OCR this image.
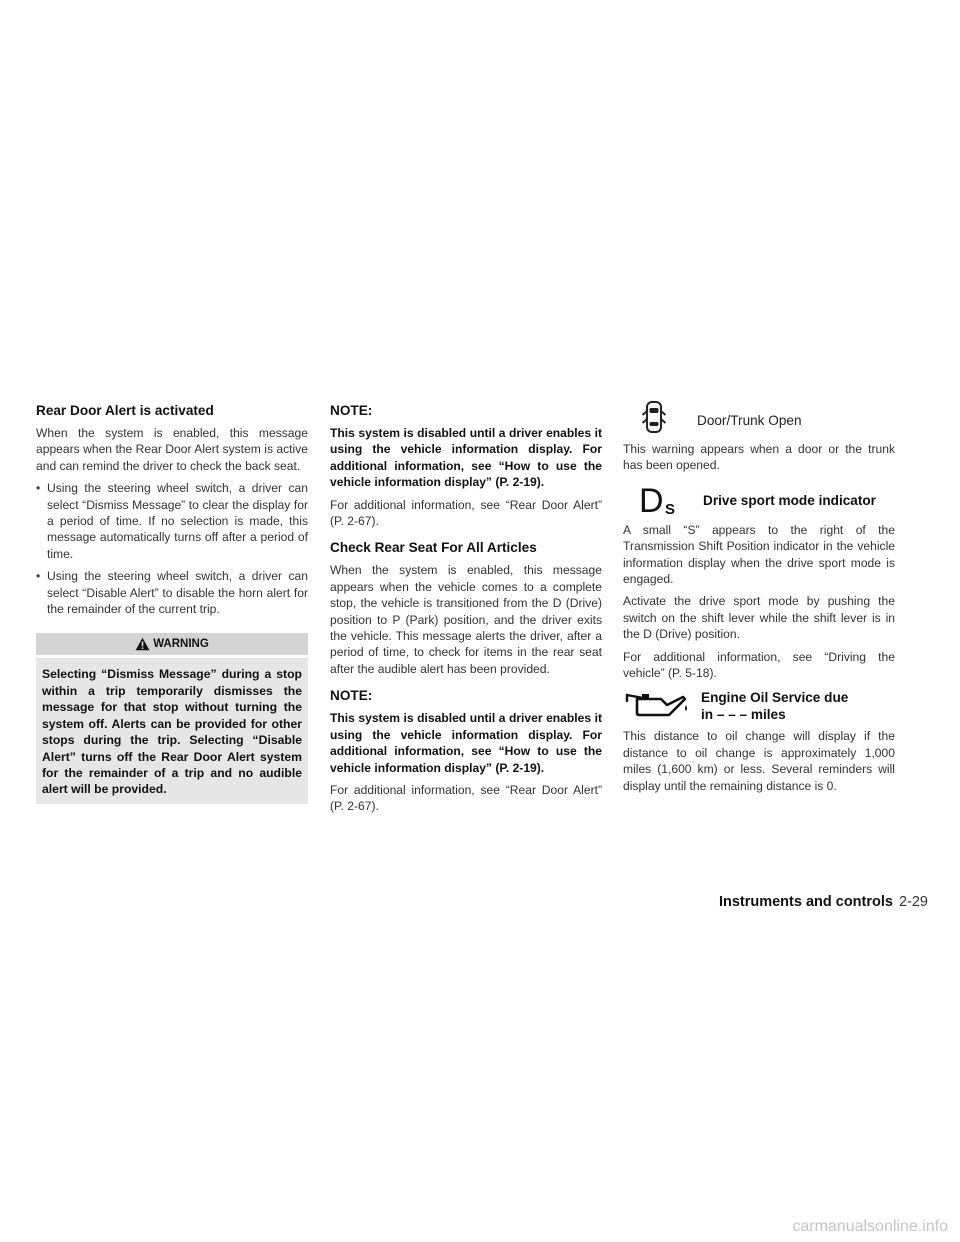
Rear Door Alert is activated

When the system is enabled, this message appears when the Rear Door Alert system is active and can remind the driver to check the back seat.

• Using the steering wheel switch, a driver can select “Dismiss Message” to clear the display for a period of time. If no selection is made, this message automatically turns off after a period of time.
• Using the steering wheel switch, a driver can select “Disable Alert” to disable the horn alert for the remainder of the current trip.
WARNING
Selecting “Dismiss Message” during a stop within a trip temporarily dismisses the message for that stop without turning the system off. Alerts can be provided for other stops during the trip. Selecting “Disable Alert” turns off the Rear Door Alert system for the remainder of a trip and no audible alert will be provided.
NOTE:

This system is disabled until a driver enables it using the vehicle information display. For additional information, see “How to use the vehicle information display” (P. 2-19).

For additional information, see “Rear Door Alert” (P. 2-67).

Check Rear Seat For All Articles

When the system is enabled, this message appears when the vehicle comes to a complete stop, the vehicle is transitioned from the D (Drive) position to P (Park) position, and the driver exits the vehicle. This message alerts the driver, after a period of time, to check for items in the rear seat after the audible alert has been provided.

NOTE:

This system is disabled until a driver enables it using the vehicle information display. For additional information, see “How to use the vehicle information display” (P. 2-19).

For additional information, see “Rear Door Alert” (P. 2-67).

Door/Trunk Open

This warning appears when a door or the trunk has been opened.

D S
Drive sport mode indicator

A small “S” appears to the right of the Transmission Shift Position indicator in the vehicle information display when the drive sport mode is engaged.

Activate the drive sport mode by pushing the switch on the shift lever while the shift lever is in the D (Drive) position.

For additional information, see “Driving the vehicle” (P. 5-18).

Engine Oil Service due in – – – miles

This distance to oil change will display if the distance to oil change is approximately 1,000 miles (1,600 km) or less. Several reminders will display until the remaining distance is 0.

Instruments and controls 2-29
carmanualsonline.info
